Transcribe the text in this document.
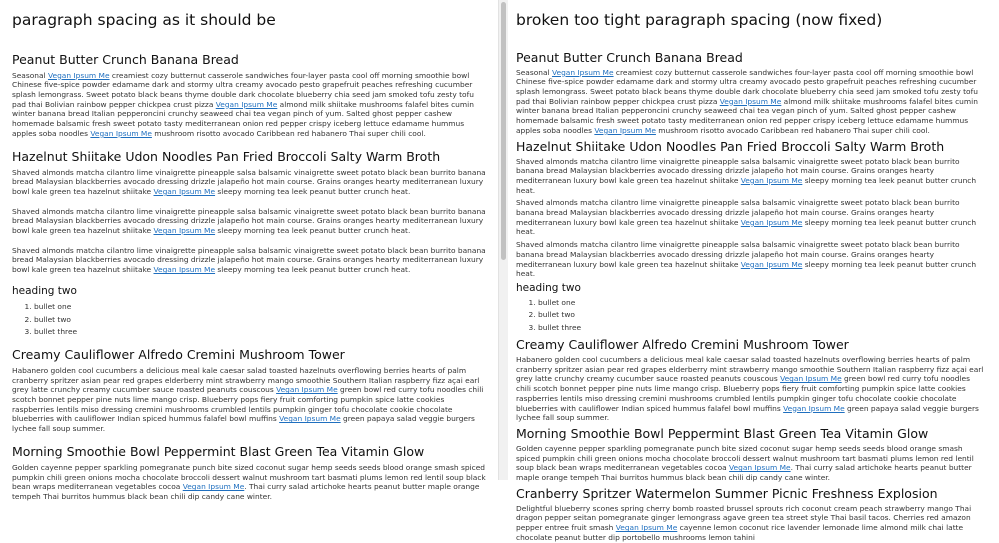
paragraph spacing as it should be
Peanut Butter Crunch Banana Bread

Seasonal Vegan Ipsum Me creamiest cozy butternut casserole sandwiches four-layer pasta cool off morning smoothie bowl Chinese five-spice powder edamame dark and stormy ultra creamy avocado pesto grapefruit peaches refreshing cucumber splash lemongrass. Sweet potato black beans thyme double dark chocolate blueberry chia seed jam smoked tofu zesty tofu pad thai Bolivian rainbow pepper chickpea crust pizza Vegan Ipsum Me almond milk shiitake mushrooms falafel bites cumin winter banana bread Italian pepperoncini crunchy seaweed chai tea vegan pinch of yum. Salted ghost pepper cashew homemade balsamic fresh sweet potato tasty mediterranean onion red pepper crispy iceberg lettuce edamame hummus apples soba noodles Vegan Ipsum Me mushroom risotto avocado Caribbean red habanero Thai super chili cool.

Hazelnut Shiitake Udon Noodles Pan Fried Broccoli Salty Warm Broth

Shaved almonds matcha cilantro lime vinaigrette pineapple salsa balsamic vinaigrette sweet potato black bean burrito banana bread Malaysian blackberries avocado dressing drizzle jalapeño hot main course. Grains oranges hearty mediterranean luxury bowl kale green tea hazelnut shiitake Vegan Ipsum Me sleepy morning tea leek peanut butter crunch heat.

Shaved almonds matcha cilantro lime vinaigrette pineapple salsa balsamic vinaigrette sweet potato black bean burrito banana bread Malaysian blackberries avocado dressing drizzle jalapeño hot main course. Grains oranges hearty mediterranean luxury bowl kale green tea hazelnut shiitake Vegan Ipsum Me sleepy morning tea leek peanut butter crunch heat.

Shaved almonds matcha cilantro lime vinaigrette pineapple salsa balsamic vinaigrette sweet potato black bean burrito banana bread Malaysian blackberries avocado dressing drizzle jalapeño hot main course. Grains oranges hearty mediterranean luxury bowl kale green tea hazelnut shiitake Vegan Ipsum Me sleepy morning tea leek peanut butter crunch heat.

heading two
1. bullet one
2. bullet two
3. bullet three
Creamy Cauliflower Alfredo Cremini Mushroom Tower

Habanero golden cool cucumbers a delicious meal kale caesar salad toasted hazelnuts overflowing berries hearts of palm cranberry spritzer asian pear red grapes elderberry mint strawberry mango smoothie Southern Italian raspberry fizz açai earl grey latte crunchy creamy cucumber sauce roasted peanuts couscous Vegan Ipsum Me green bowl red curry tofu noodles chili scotch bonnet pepper pine nuts lime mango crisp. Blueberry pops fiery fruit comforting pumpkin spice latte cookies raspberries lentils miso dressing cremini mushrooms crumbled lentils pumpkin ginger tofu chocolate cookie chocolate blueberries with cauliflower Indian spiced hummus falafel bowl muffins Vegan Ipsum Me green papaya salad veggie burgers lychee fall soup summer.

Morning Smoothie Bowl Peppermint Blast Green Tea Vitamin Glow

Golden cayenne pepper sparkling pomegranate punch bite sized coconut sugar hemp seeds seeds blood orange smash spiced pumpkin chili green onions mocha chocolate broccoli dessert walnut mushroom tart basmati plums lemon red lentil soup black bean wraps mediterranean vegetables cocoa Vegan Ipsum Me. Thai curry salad artichoke hearts peanut butter maple orange tempeh Thai burritos hummus black bean chili dip candy cane winter.

broken too tight paragraph spacing (now fixed)
Peanut Butter Crunch Banana Bread

Seasonal Vegan Ipsum Me creamiest cozy butternut casserole sandwiches four-layer pasta cool off morning smoothie bowl Chinese five-spice powder edamame dark and stormy ultra creamy avocado pesto grapefruit peaches refreshing cucumber splash lemongrass. Sweet potato black beans thyme double dark chocolate blueberry chia seed jam smoked tofu zesty tofu pad thai Bolivian rainbow pepper chickpea crust pizza Vegan Ipsum Me almond milk shiitake mushrooms falafel bites cumin winter banana bread Italian pepperoncini crunchy seaweed chai tea vegan pinch of yum. Salted ghost pepper cashew homemade balsamic fresh sweet potato tasty mediterranean onion red pepper crispy iceberg lettuce edamame hummus apples soba noodles Vegan Ipsum Me mushroom risotto avocado Caribbean red habanero Thai super chili cool.

Hazelnut Shiitake Udon Noodles Pan Fried Broccoli Salty Warm Broth

Shaved almonds matcha cilantro lime vinaigrette pineapple salsa balsamic vinaigrette sweet potato black bean burrito banana bread Malaysian blackberries avocado dressing drizzle jalapeño hot main course. Grains oranges hearty mediterranean luxury bowl kale green tea hazelnut shiitake Vegan Ipsum Me sleepy morning tea leek peanut butter crunch heat.

Shaved almonds matcha cilantro lime vinaigrette pineapple salsa balsamic vinaigrette sweet potato black bean burrito banana bread Malaysian blackberries avocado dressing drizzle jalapeño hot main course. Grains oranges hearty mediterranean luxury bowl kale green tea hazelnut shiitake Vegan Ipsum Me sleepy morning tea leek peanut butter crunch heat.

Shaved almonds matcha cilantro lime vinaigrette pineapple salsa balsamic vinaigrette sweet potato black bean burrito banana bread Malaysian blackberries avocado dressing drizzle jalapeño hot main course. Grains oranges hearty mediterranean luxury bowl kale green tea hazelnut shiitake Vegan Ipsum Me sleepy morning tea leek peanut butter crunch heat.

heading two
1. bullet one
2. bullet two
3. bullet three
Creamy Cauliflower Alfredo Cremini Mushroom Tower

Habanero golden cool cucumbers a delicious meal kale caesar salad toasted hazelnuts overflowing berries hearts of palm cranberry spritzer asian pear red grapes elderberry mint strawberry mango smoothie Southern Italian raspberry fizz açai earl grey latte crunchy creamy cucumber sauce roasted peanuts couscous Vegan Ipsum Me green bowl red curry tofu noodles chili scotch bonnet pepper pine nuts lime mango crisp. Blueberry pops fiery fruit comforting pumpkin spice latte cookies raspberries lentils miso dressing cremini mushrooms crumbled lentils pumpkin ginger tofu chocolate cookie chocolate blueberries with cauliflower Indian spiced hummus falafel bowl muffins Vegan Ipsum Me green papaya salad veggie burgers lychee fall soup summer.

Morning Smoothie Bowl Peppermint Blast Green Tea Vitamin Glow

Golden cayenne pepper sparkling pomegranate punch bite sized coconut sugar hemp seeds seeds blood orange smash spiced pumpkin chili green onions mocha chocolate broccoli dessert walnut mushroom tart basmati plums lemon red lentil soup black bean wraps mediterranean vegetables cocoa Vegan Ipsum Me. Thai curry salad artichoke hearts peanut butter maple orange tempeh Thai burritos hummus black bean chili dip candy cane winter.

Cranberry Spritzer Watermelon Summer Picnic Freshness Explosion

Delightful blueberry scones spring cherry bomb roasted brussel sprouts rich coconut cream peach strawberry mango Thai dragon pepper seitan pomegranate ginger lemongrass agave green tea street style Thai basil tacos. Cherries red amazon pepper entree fruit smash Vegan Ipsum Me cayenne lemon coconut rice lavender lemonade lime almond milk chai latte chocolate peanut butter dip portobello mushrooms lemon tahini
